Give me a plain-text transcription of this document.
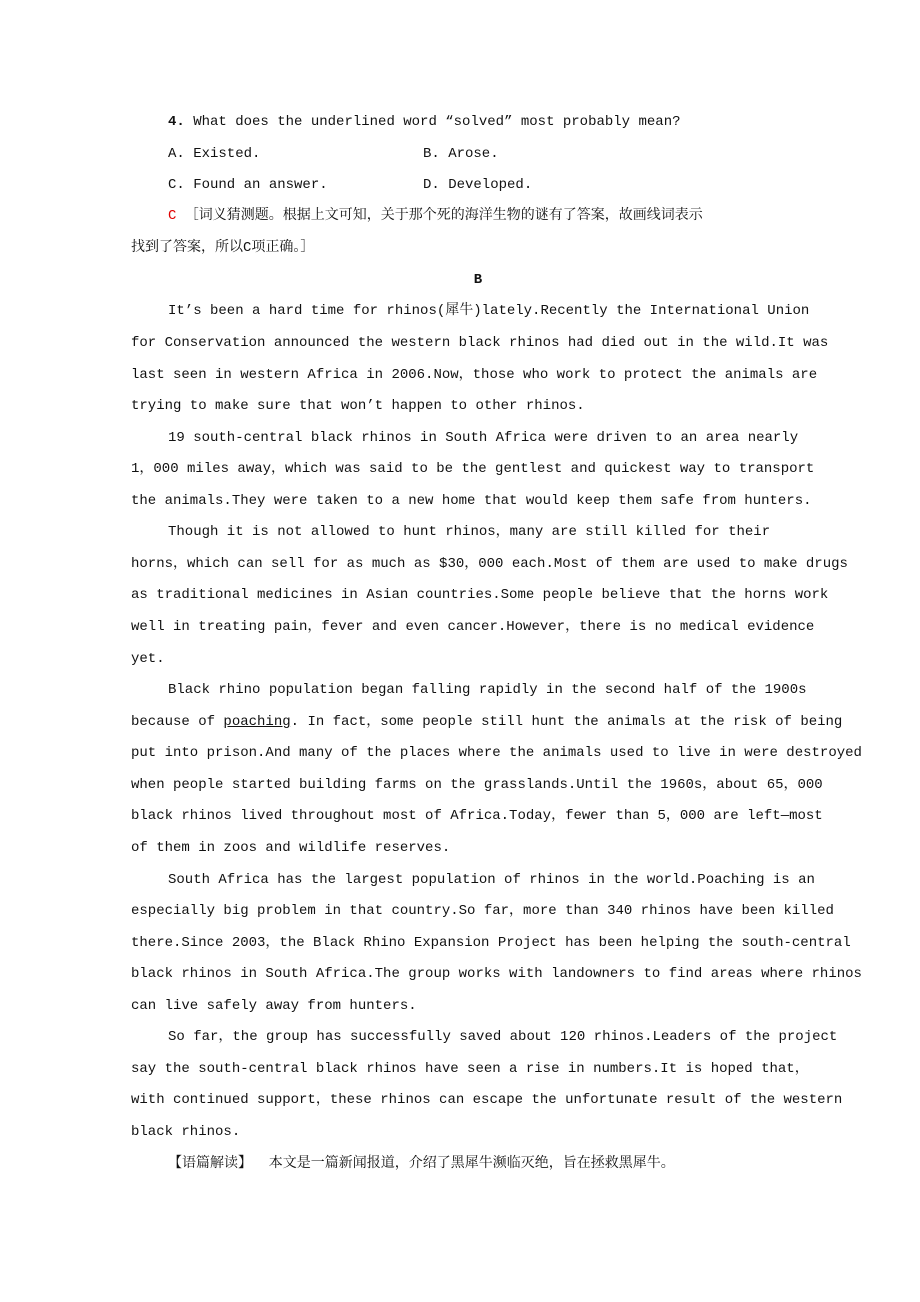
4. What does the underlined word “solved” most probably mean?
A. Existed.	B. Arose.
C. Found an answer.	D. Developed.
C ［词义猜测题。根据上文可知，关于那个死的海洋生物的谜有了答案，故画线词表示
找到了答案，所以C项正确。］
B
because of poaching. In fact，some people still hunt the animals at the risk of being
It’s been a hard time for rhinos(犀牛)lately.Recently the International Union
for Conservation announced the western black rhinos had died out in the wild.It was
last seen in western Africa in 2006.Now，those who work to protect the animals are
trying to make sure that won’t happen to other rhinos.
19 south-central black rhinos in South Africa were driven to an area nearly
1，000 miles away，which was said to be the gentlest and quickest way to transport
the animals.They were taken to a new home that would keep them safe from hunters.
Though it is not allowed to hunt rhinos，many are still killed for their
horns，which can sell for as much as $30，000 each.Most of them are used to make drugs
as traditional medicines in Asian countries.Some people believe that the horns work
well in treating pain，fever and even cancer.However，there is no medical evidence
yet.
Black rhino population began falling rapidly in the second half of the 1900s
put into prison.And many of the places where the animals used to live in were destroyed
when people started building farms on the grasslands.Until the 1960s，about 65，000
black rhinos lived throughout most of Africa.Today，fewer than 5，000 are left—most
of them in zoos and wildlife reserves.
South Africa has the largest population of rhinos in the world.Poaching is an
especially big problem in that country.So far，more than 340 rhinos have been killed
there.Since 2003，the Black Rhino Expansion Project has been helping the south-central
black rhinos in South Africa.The group works with landowners to find areas where rhinos
can live safely away from hunters.
So far，the group has successfully saved about 120 rhinos.Leaders of the project
say the south-central black rhinos have seen a rise in numbers.It is hoped that，
with continued support，these rhinos can escape the unfortunate result of the western
black rhinos.
【语篇解读】  本文是一篇新闻报道，介绍了黑犀牛濒临灭绝，旨在拯救黑犀牛。
